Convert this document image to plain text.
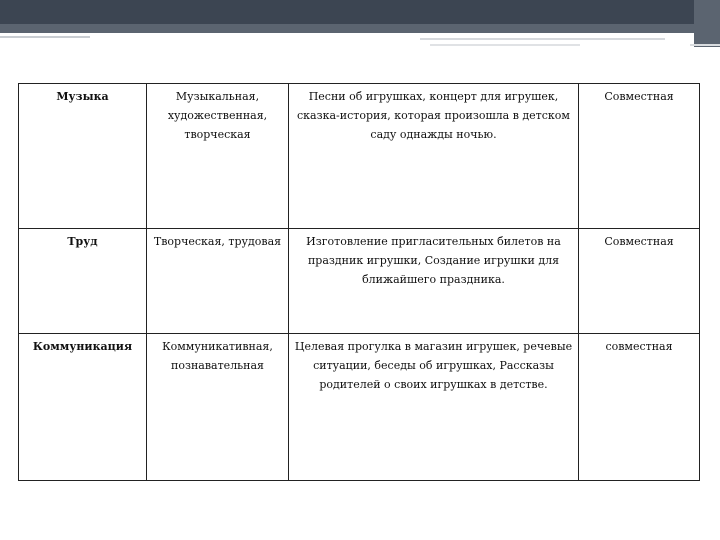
Музыка	Музыкальная, художественная, творческая	Песни об игрушках, концерт для игрушек, сказка-история, которая произошла в детском саду однажды ночью.	Совместная
Труд	Творческая, трудовая	Изготовление пригласительных билетов на праздник игрушки, Создание игрушки для ближайшего праздника.	Совместная
Коммуникация	Коммуникативная, познавательная	Целевая прогулка в магазин игрушек, речевые ситуации, беседы об игрушках, Рассказы родителей о своих игрушках в детстве.	совместная
